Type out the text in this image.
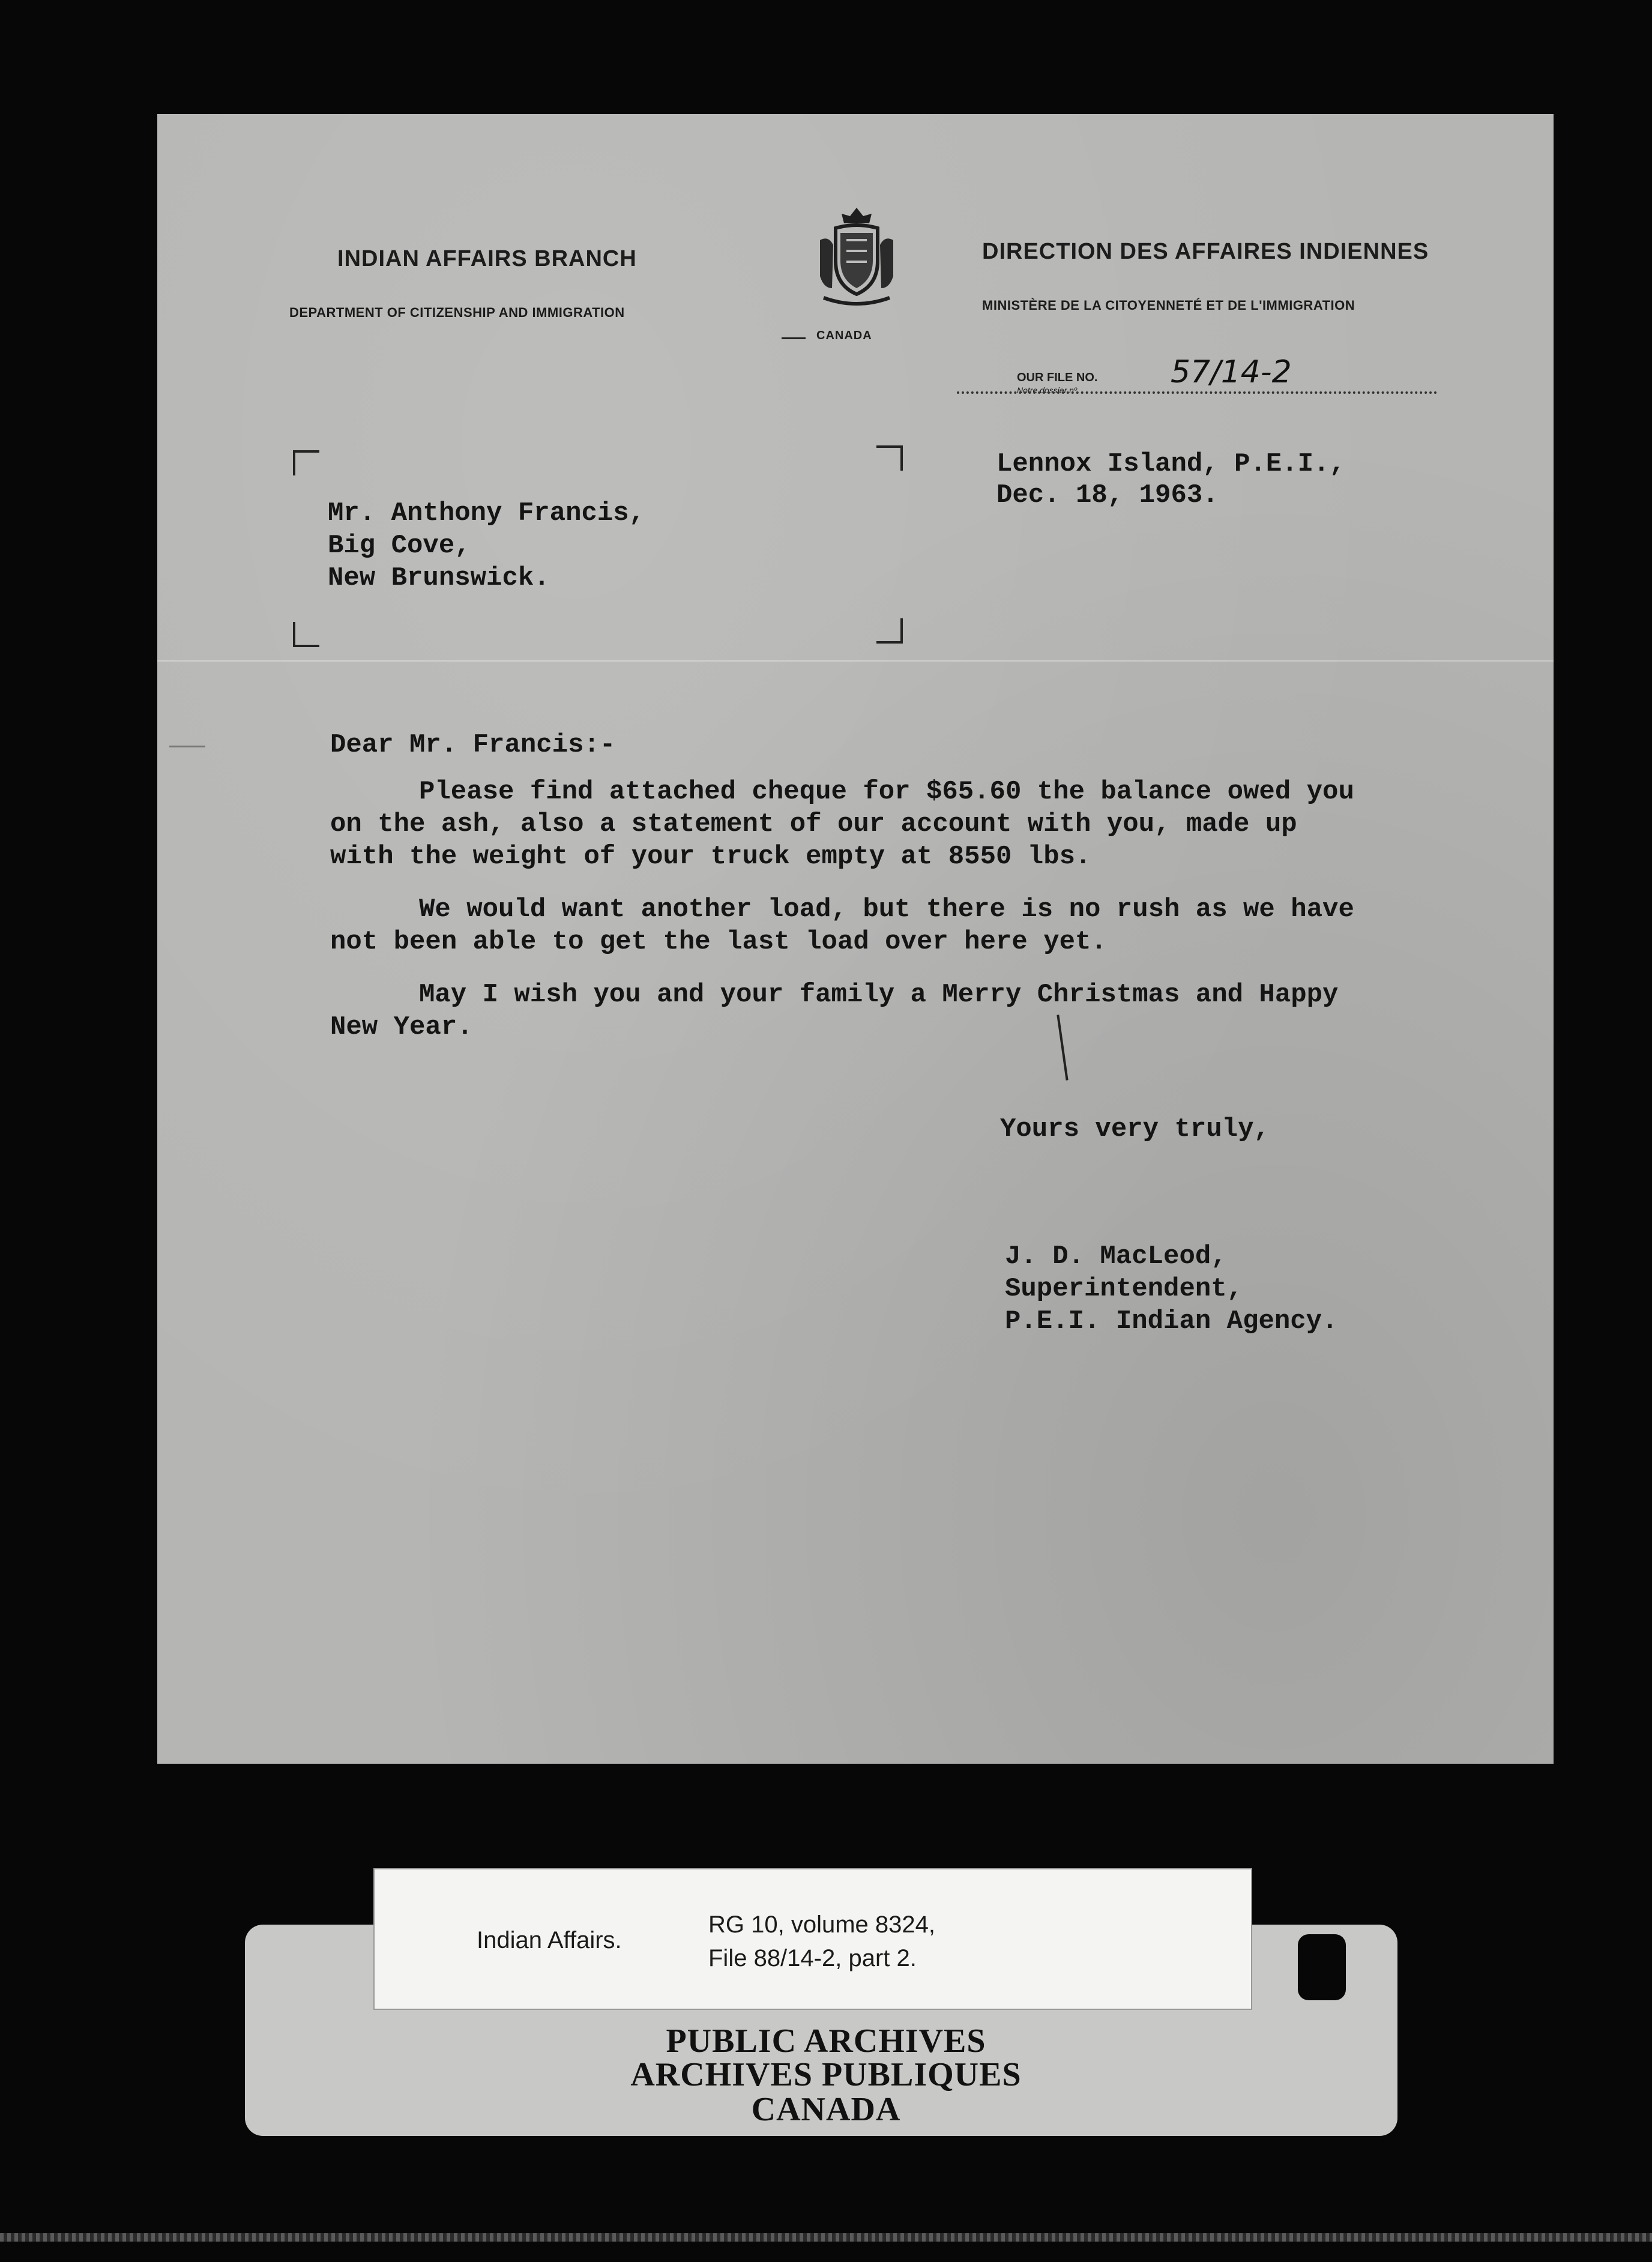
INDIAN AFFAIRS BRANCH
DEPARTMENT OF CITIZENSHIP AND IMMIGRATION
CANADA
DIRECTION DES AFFAIRES INDIENNES
MINISTÈRE DE LA CITOYENNETÉ ET DE L'IMMIGRATION
OUR FILE NO.
Notre dossier nº	57/14-2
Lennox Island, P.E.I.,
Dec. 18, 1963.
Mr. Anthony Francis,
Big Cove,
New Brunswick.
Dear Mr. Francis:-
Please find attached cheque for $65.60 the balance owed you
on the ash, also a statement of our account with you, made up
with the weight of your truck empty at 8550 lbs.
We would want another load, but there is no rush as we have
not been able to get the last load over here yet.
May I wish you and your family a Merry Christmas and Happy
New Year.
Yours very truly,
J. D. MacLeod,
Superintendent,
P.E.I. Indian Agency.
Indian Affairs.
RG 10, volume 8324,
File 88/14-2, part 2.
PUBLIC ARCHIVES
ARCHIVES PUBLIQUES
CANADA
